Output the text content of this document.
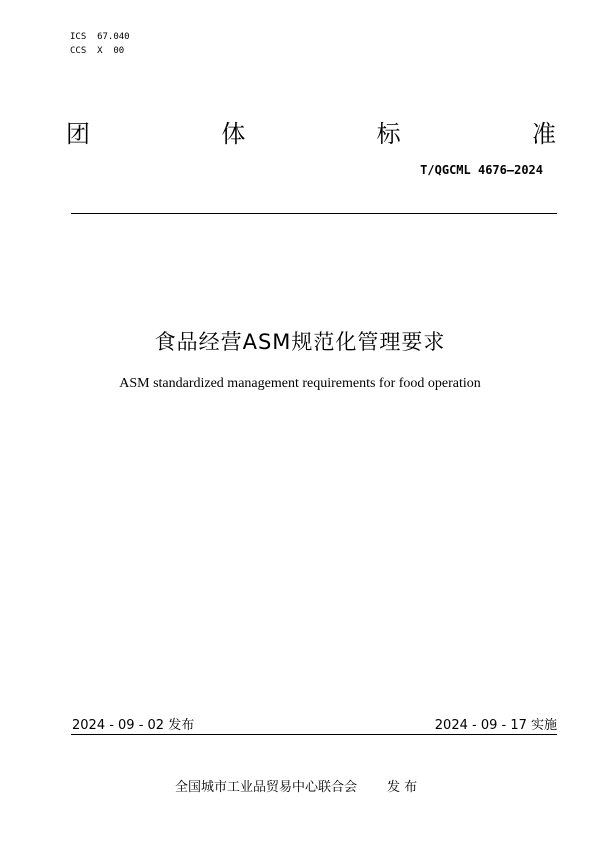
ICS  67.040
CCS  X  00
团	体	标	准
T/QGCML 4676—2024
食品经营ASM规范化管理要求
ASM standardized management requirements for food operation
2024 - 09 - 02 发布	2024 - 09 - 17 实施
全国城市工业品贸易中心联合会 发 布
